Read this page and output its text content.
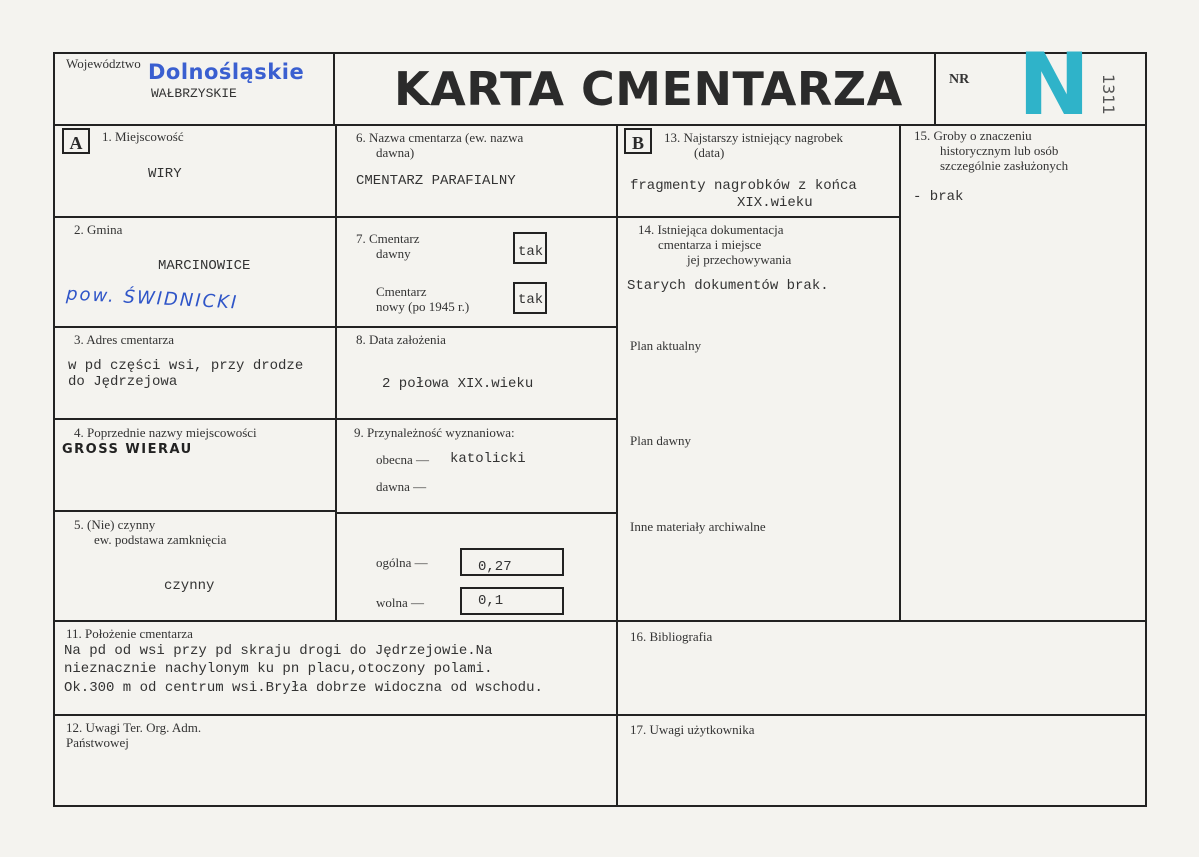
Województwo Dolnośląskie
WAŁBRZYSKIE	KARTA CMENTARZA	NR N 1311
A	1. Miejscowość
WIRY
2. Gmina
MARCINOWICE
pow. ŚWIDNICKI
3. Adres cmentarza
w pd części wsi, przy drodze
do Jędrzejowa
4. Poprzednie nazwy miejscowości
GROSS WIERAU
5. (Nie) czynny
ew. podstawa zamknięcia
czynny
6. Nazwa cmentarza (ew. nazwa
dawna)
CMENTARZ PARAFIALNY
7. Cmentarz
dawny	tak
Cmentarz
nowy (po 1945 r.)	tak
8. Data założenia
2 połowa XIX.wieku
9. Przynależność wyznaniowa:
obecna — katolicki
dawna —
ogólna —	0,27
wolna —	0,1
B	13. Najstarszy istniejący nagrobek
(data)
fragmenty nagrobków z końca
XIX.wieku
14. Istniejąca dokumentacja
cmentarza i miejsce
jej przechowywania
Starych dokumentów brak.
Plan aktualny
Plan dawny
Inne materiały archiwalne
15. Groby o znaczeniu
historycznym lub osób
szczególnie zasłużonych
- brak
11. Położenie cmentarza
Na pd od wsi przy pd skraju drogi do Jędrzejowie.Na
nieznacznie nachylonym ku pn placu,otoczony polami.
Ok.300 m od centrum wsi.Bryła dobrze widoczna od wschodu.
12. Uwagi Ter. Org. Adm.
Państwowej
16. Bibliografia
17. Uwagi użytkownika
